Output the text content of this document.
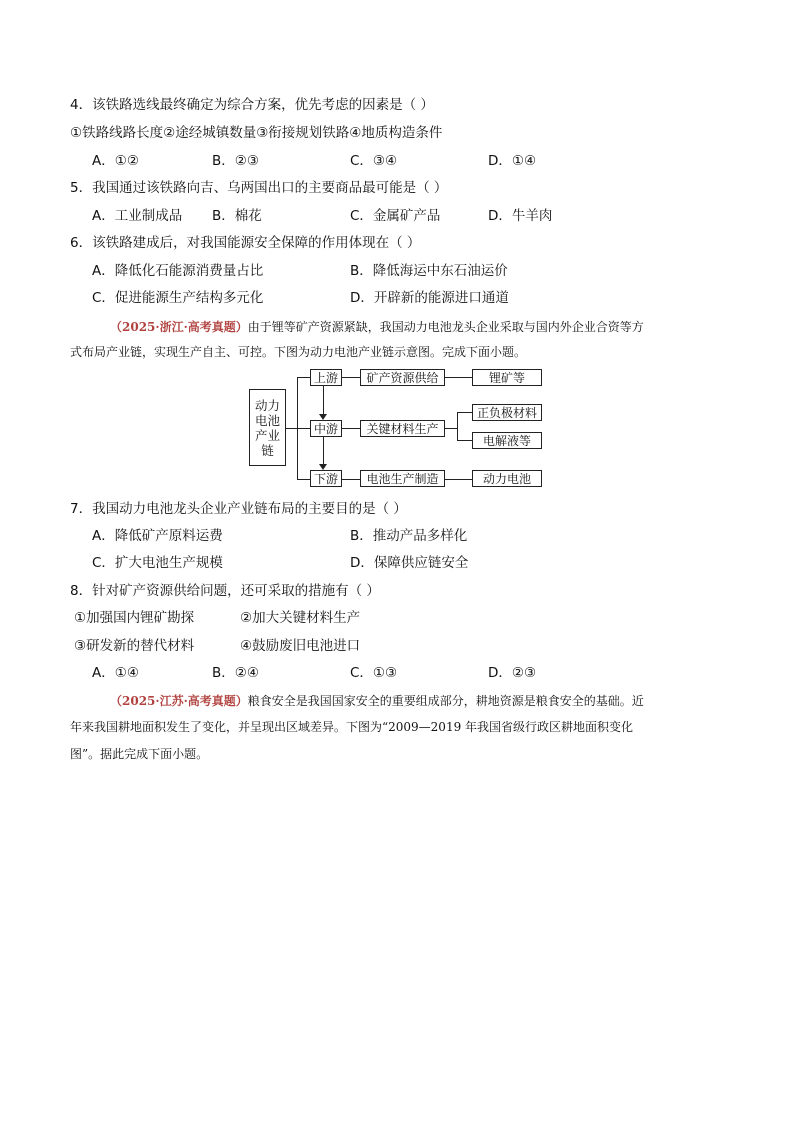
4．该铁路选线最终确定为综合方案，优先考虑的因素是（ ）
①铁路线路长度②途经城镇数量③衔接规划铁路④地质构造条件
A．①②	B．②③	C．③④	D．①④
5．我国通过该铁路向吉、乌两国出口的主要商品最可能是（ ）
A．工业制成品 B．棉花	C．金属矿产品	D．牛羊肉
6．该铁路建成后，对我国能源安全保障的作用体现在（ ）
A．降低化石能源消费量占比	B．降低海运中东石油运价
C．促进能源生产结构多元化	D．开辟新的能源进口通道
（2025·浙江·高考真题）由于锂等矿产资源紧缺，我国动力电池龙头企业采取与国内外企业合资等方
式布局产业链，实现生产自主、可控。下图为动力电池产业链示意图。完成下面小题。
动力
电池
产业
链
上游
中游
下游
矿产资源供给
关键材料生产
电池生产制造
锂矿等
正负极材料
电解液等
动力电池
7．我国动力电池龙头企业产业链布局的主要目的是（ ）
A．降低矿产原料运费	B．推动产品多样化
C．扩大电池生产规模	D．保障供应链安全
8．针对矿产资源供给问题，还可采取的措施有（ ）
①加强国内锂矿勘探	②加大关键材料生产
③研发新的替代材料	④鼓励废旧电池进口
A．①④	B．②④	C．①③	D．②③
（2025·江苏·高考真题）粮食安全是我国国家安全的重要组成部分，耕地资源是粮食安全的基础。近
年来我国耕地面积发生了变化，并呈现出区域差异。下图为“2009—2019 年我国省级行政区耕地面积变化
图”。据此完成下面小题。
